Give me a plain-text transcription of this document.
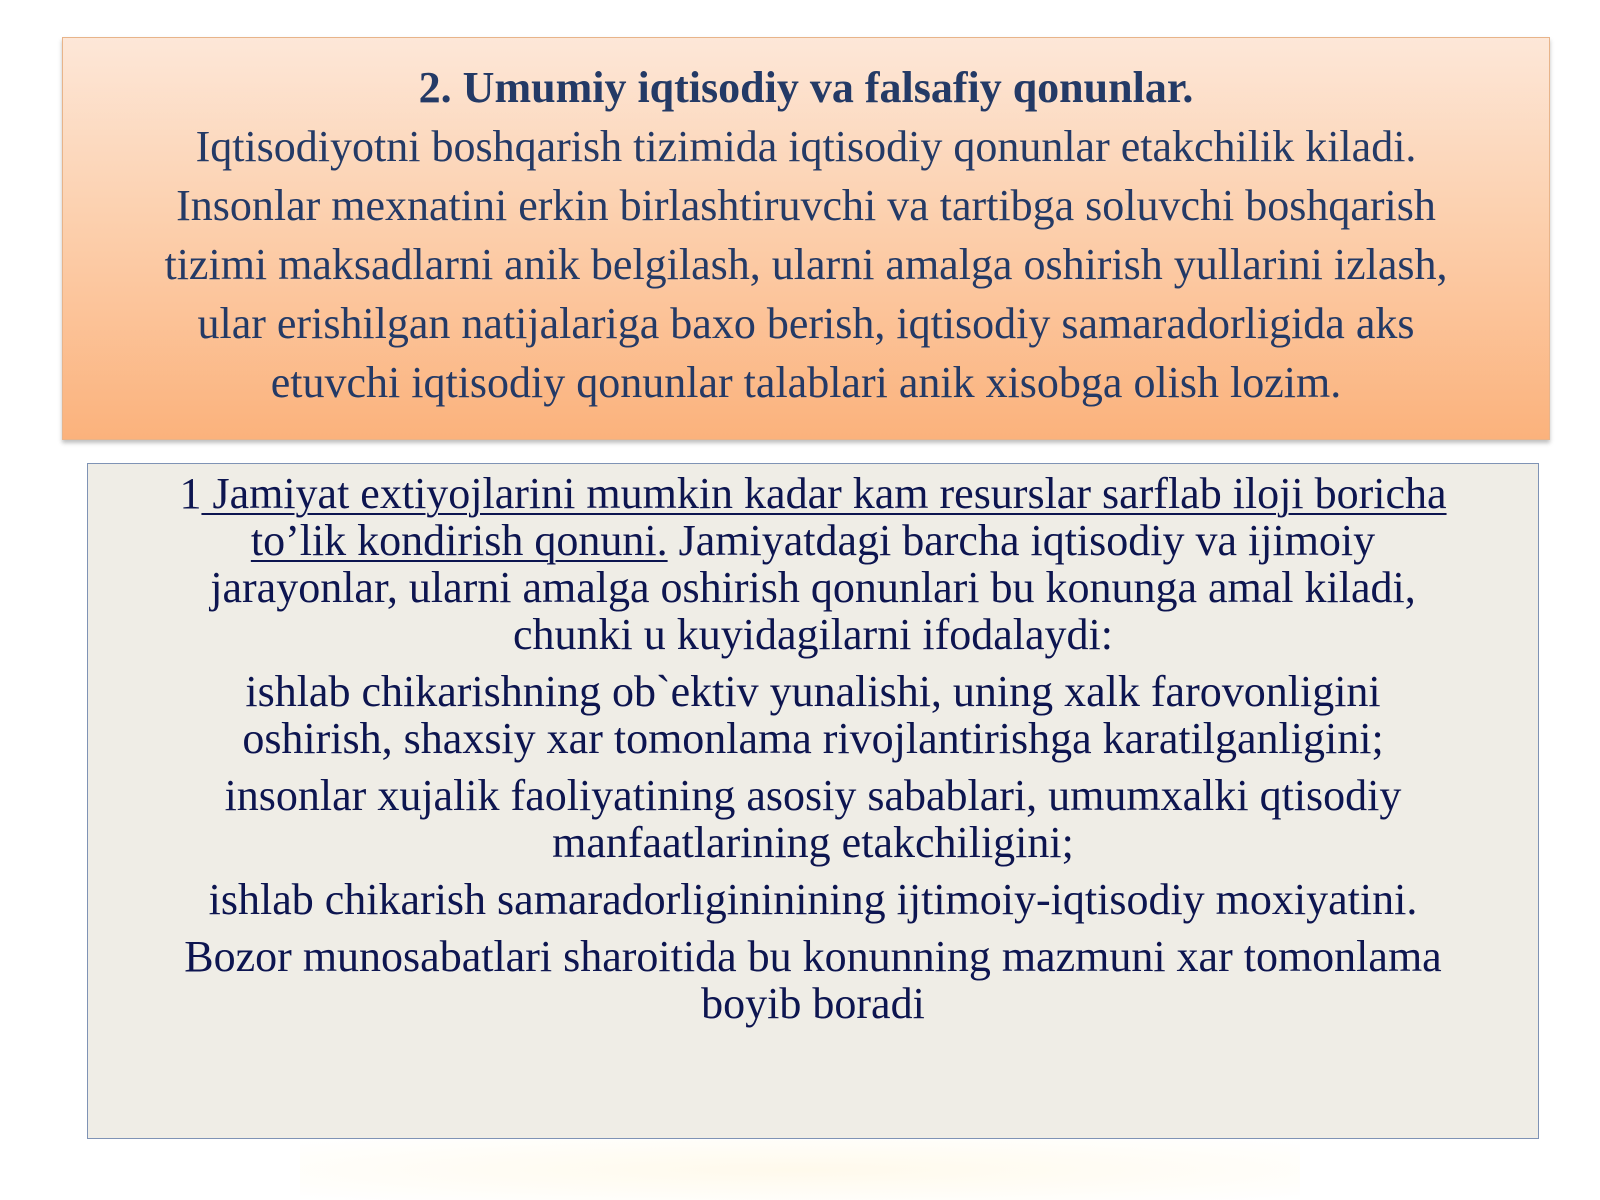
2. Umumiy iqtisodiy va falsafiy qonunlar.

Iqtisodiyotni boshqarish tizimida iqtisodiy qonunlar etakchilik kiladi.
Insonlar mexnatini erkin birlashtiruvchi va tartibga soluvchi boshqarish
tizimi maksadlarni anik belgilash, ularni amalga oshirish yullarini izlash,
ular erishilgan natijalariga baxo berish, iqtisodiy samaradorligida aks
etuvchi iqtisodiy qonunlar talablari anik xisobga olish lozim.

1 Jamiyat extiyojlarini mumkin kadar kam resurslar sarflab iloji boricha
to’lik kondirish qonuni. Jamiyatdagi barcha iqtisodiy va ijimoiy
jarayonlar, ularni amalga oshirish qonunlari bu konunga amal kiladi,
chunki u kuyidagilarni ifodalaydi:

ishlab chikarishning ob`ektiv yunalishi, uning xalk farovonligini
oshirish, shaxsiy xar tomonlama rivojlantirishga karatilganligini;

insonlar xujalik faoliyatining asosiy sabablari, umumxalki qtisodiy
manfaatlarining etakchiligini;

ishlab chikarish samaradorligininining ijtimoiy-iqtisodiy moxiyatini.

Bozor munosabatlari sharoitida bu konunning mazmuni xar tomonlama
boyib boradi
